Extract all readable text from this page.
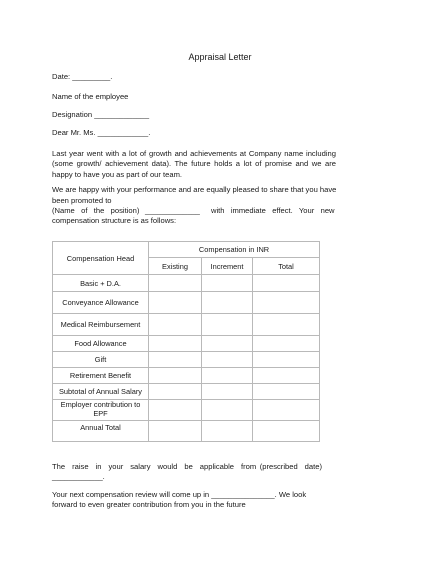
Appraisal Letter
Date: _________.
Name of the employee
Designation _____________
Dear Mr. Ms. ____________.
Last year went with a lot of growth and achievements at Company name including (some growth/ achievement data). The future holds a lot of promise and we are happy to have you as part of our team.
We are happy with your performance and are equally pleased to share that you have
been promoted to
(Name   of   the   position) _____________ with   immediate   effect.   Your   new
compensation structure is as follows:
Compensation Head	Compensation in INR		
	Existing	Increment	Total
Basic + D.A.			
Conveyance Allowance			
Medical Reimbursement			
Food Allowance			
Gift			
Retirement Benefit			
Subtotal of Annual Salary			
Employer contribution to EPF			
Annual Total			
The  raise  in  your  salary  would  be  applicable  from (prescribed  date)
____________.
Your next compensation review will come up in _______________. We look
forward to even greater contribution from you in the future
